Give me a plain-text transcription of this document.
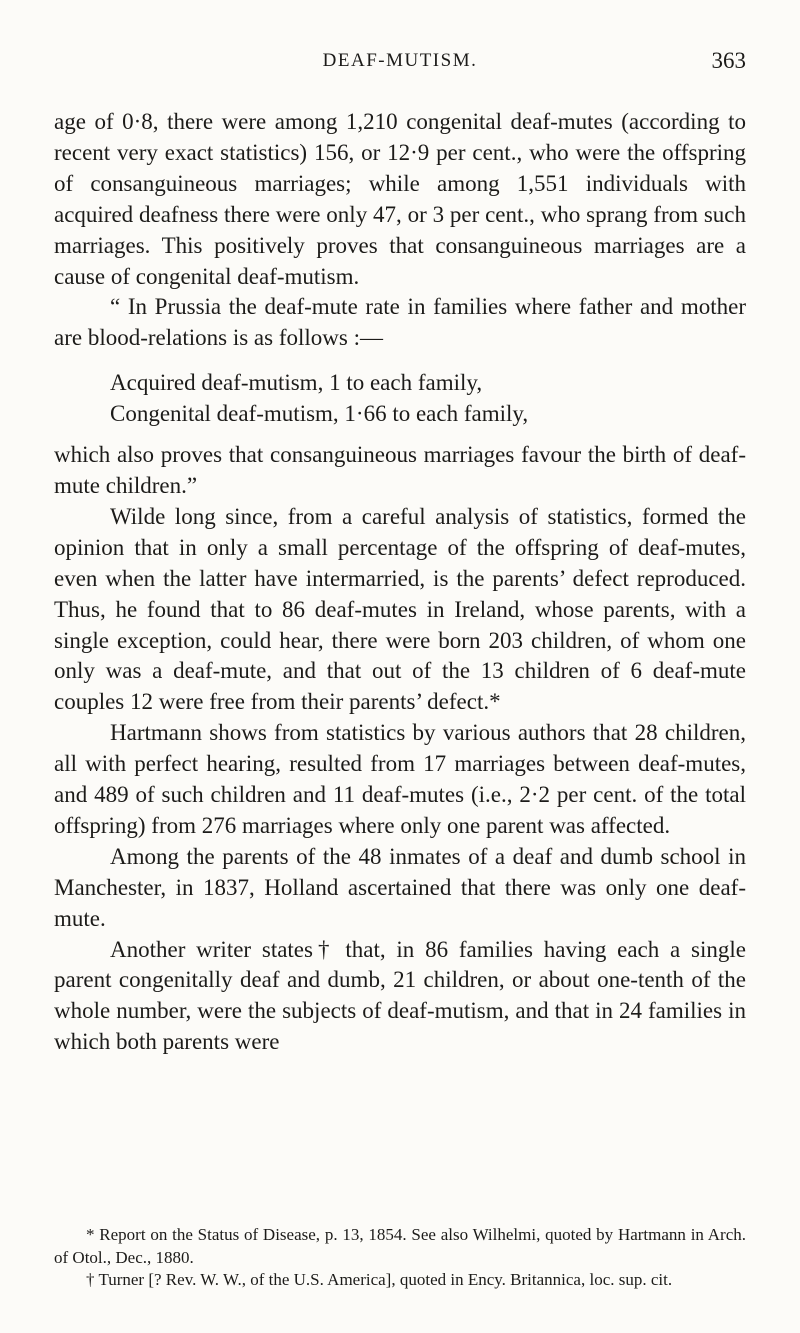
DEAF-MUTISM.	363

age of 0·8, there were among 1,210 congenital deaf-mutes (according to recent very exact statistics) 156, or 12·9 per cent., who were the offspring of consanguineous marriages; while among 1,551 individuals with acquired deafness there were only 47, or 3 per cent., who sprang from such marriages. This positively proves that consanguineous marriages are a cause of congenital deaf-mutism.

“ In Prussia the deaf-mute rate in families where father and mother are blood-relations is as follows :—

Acquired deaf-mutism, 1 to each family,
Congenital deaf-mutism, 1·66 to each family,

which also proves that consanguineous marriages favour the birth of deaf-mute children.”

Wilde long since, from a careful analysis of statistics, formed the opinion that in only a small percentage of the offspring of deaf-mutes, even when the latter have intermarried, is the parents’ defect reproduced. Thus, he found that to 86 deaf-mutes in Ireland, whose parents, with a single exception, could hear, there were born 203 children, of whom one only was a deaf-mute, and that out of the 13 children of 6 deaf-mute couples 12 were free from their parents’ defect.*

Hartmann shows from statistics by various authors that 28 children, all with perfect hearing, resulted from 17 marriages between deaf-mutes, and 489 of such children and 11 deaf-mutes (i.e., 2·2 per cent. of the total offspring) from 276 marriages where only one parent was affected.

Among the parents of the 48 inmates of a deaf and dumb school in Manchester, in 1837, Holland ascertained that there was only one deaf-mute.

Another writer states† that, in 86 families having each a single parent congenitally deaf and dumb, 21 children, or about one-tenth of the whole number, were the subjects of deaf-mutism, and that in 24 families in which both parents were

* Report on the Status of Disease, p. 13, 1854. See also Wilhelmi, quoted by Hartmann in Arch. of Otol., Dec., 1880.

† Turner [? Rev. W. W., of the U.S. America], quoted in Ency. Britannica, loc. sup. cit.
